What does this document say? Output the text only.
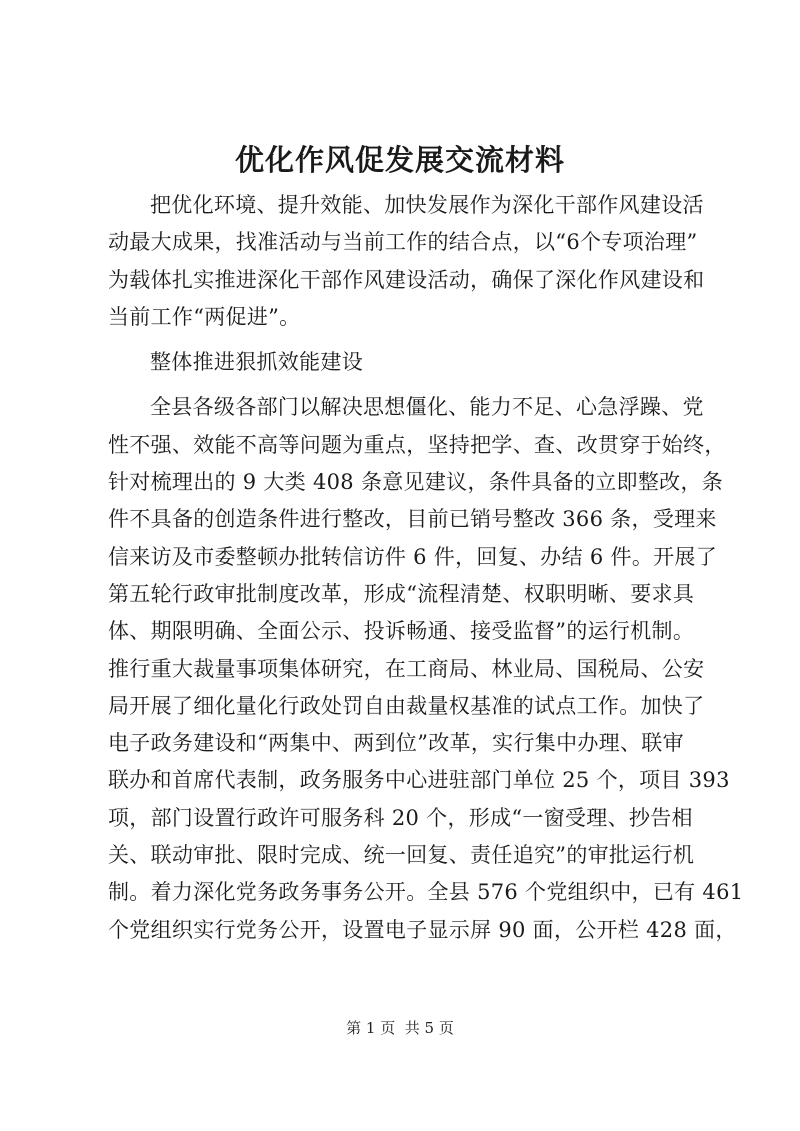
优化作风促发展交流材料
把优化环境、提升效能、加快发展作为深化干部作风建设活
动最大成果，找准活动与当前工作的结合点，以“6个专项治理”
为载体扎实推进深化干部作风建设活动，确保了深化作风建设和
当前工作“两促进”。
整体推进狠抓效能建设
全县各级各部门以解决思想僵化、能力不足、心急浮躁、党
性不强、效能不高等问题为重点，坚持把学、查、改贯穿于始终，
针对梳理出的 9 大类 408 条意见建议，条件具备的立即整改，条
件不具备的创造条件进行整改，目前已销号整改 366 条，受理来
信来访及市委整顿办批转信访件 6 件，回复、办结 6 件。开展了
第五轮行政审批制度改革，形成“流程清楚、权职明晰、要求具
体、期限明确、全面公示、投诉畅通、接受监督”的运行机制。
推行重大裁量事项集体研究，在工商局、林业局、国税局、公安
局开展了细化量化行政处罚自由裁量权基准的试点工作。加快了
电子政务建设和“两集中、两到位”改革，实行集中办理、联审
联办和首席代表制，政务服务中心进驻部门单位 25 个，项目 393
项，部门设置行政许可服务科 20 个，形成“一窗受理、抄告相
关、联动审批、限时完成、统一回复、责任追究”的审批运行机
制。着力深化党务政务事务公开。全县 576 个党组织中，已有 461
个党组织实行党务公开，设置电子显示屏 90 面，公开栏 428 面，
第 1 页  共 5 页
